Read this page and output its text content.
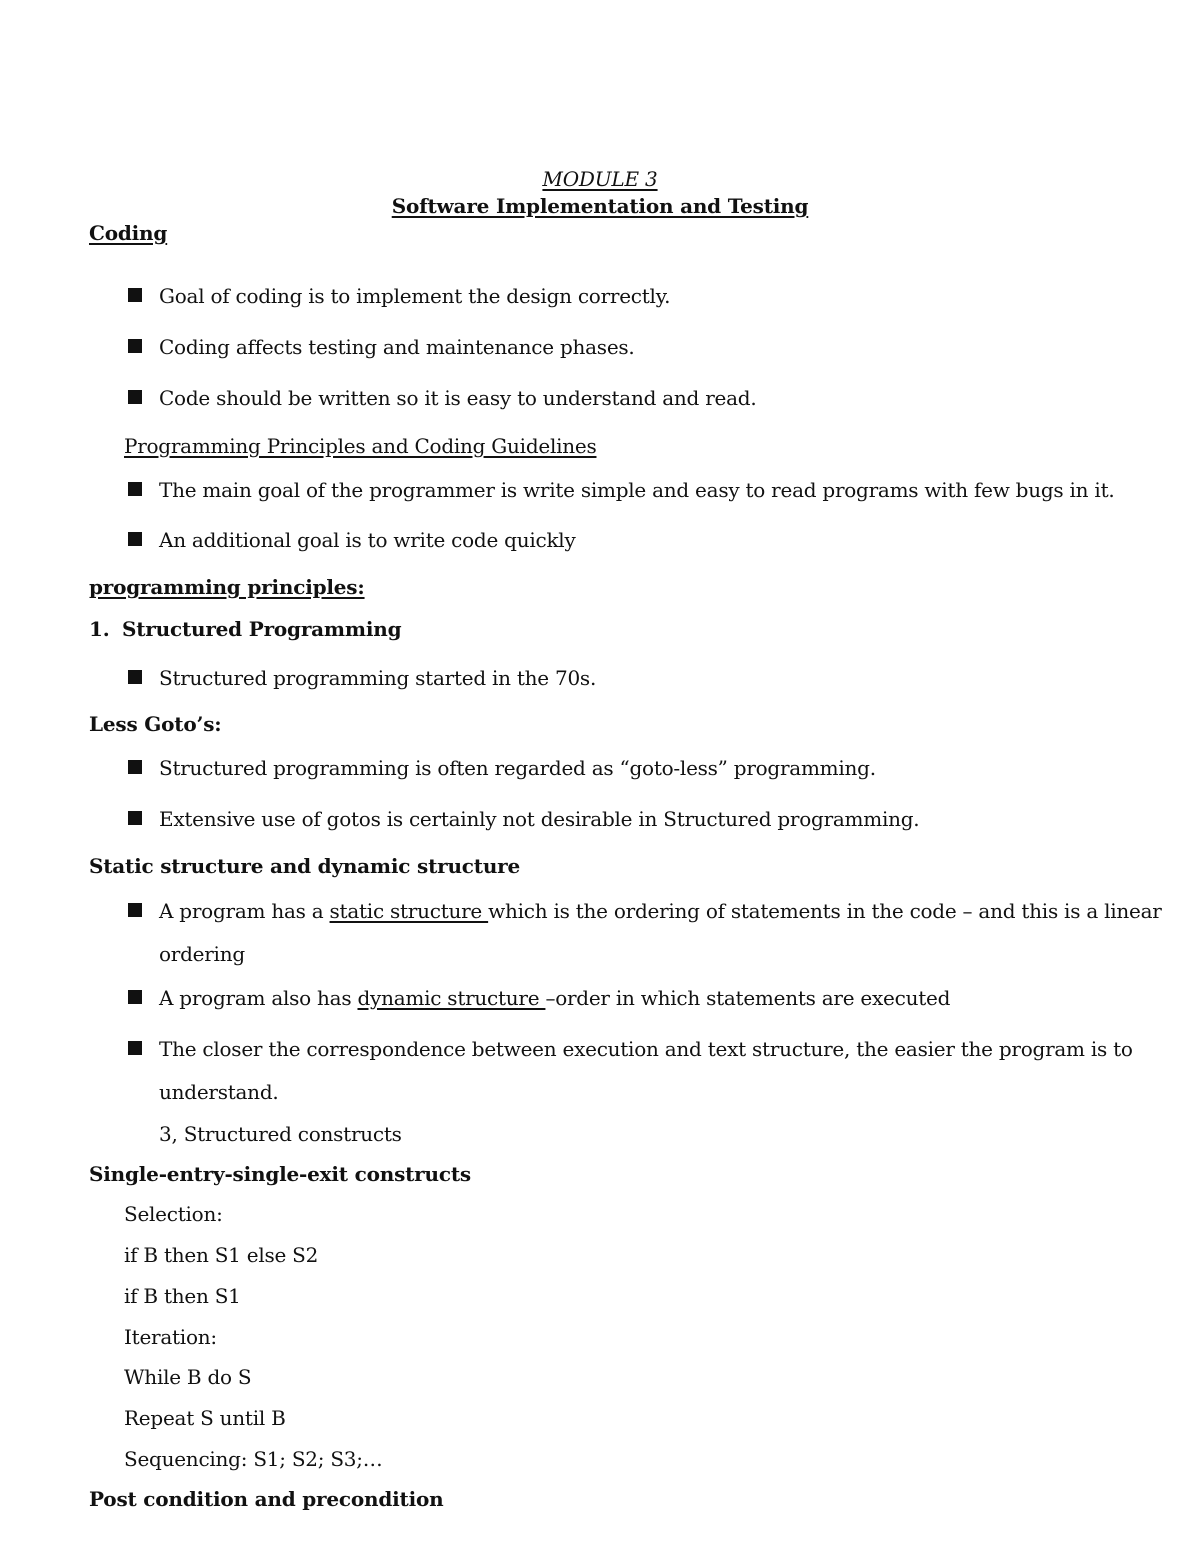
MODULE 3
Software Implementation and Testing
Coding
Goal of coding is to implement the design correctly.
Coding affects testing and maintenance phases.
Code should be written so it is easy to understand and read.
Programming Principles and Coding Guidelines
The main goal of the programmer is write simple and easy to read programs with few bugs in it.
An additional goal is to write code quickly
programming principles:
1. Structured Programming
Structured programming started in the 70s.
Less Goto’s:
Structured programming is often regarded as “goto-less” programming.
Extensive use of gotos is certainly not desirable in Structured programming.
Static structure and dynamic structure
A program has a static structure which is the ordering of statements in the code – and this is a linear
ordering
A program also has dynamic structure –order in which statements are executed
The closer the correspondence between execution and text structure, the easier the program is to
understand.
3, Structured constructs
Single-entry-single-exit constructs
Selection:
if B then S1 else S2
if B then S1
Iteration:
While B do S
Repeat S until B
Sequencing: S1; S2; S3;…
Post condition and precondition
